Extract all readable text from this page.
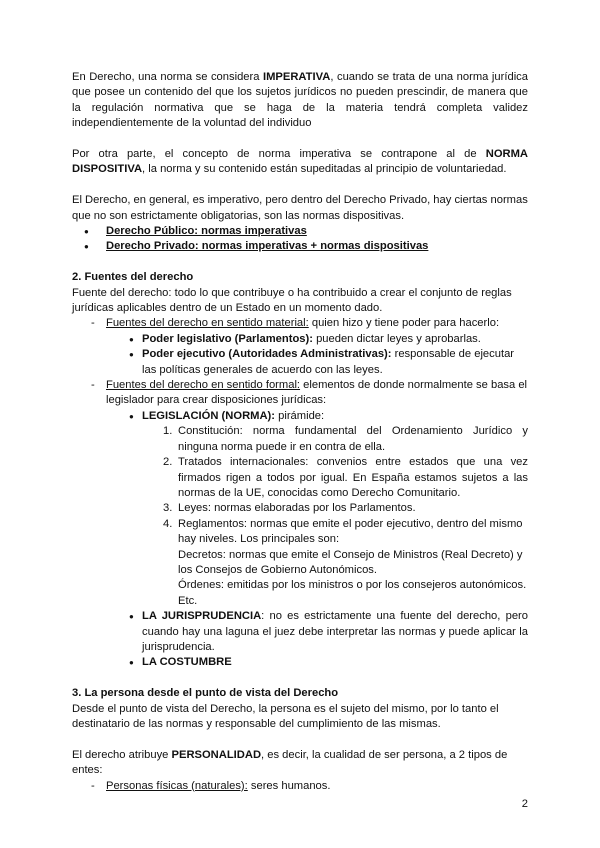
En Derecho, una norma se considera IMPERATIVA, cuando se trata de una norma jurídica que posee un contenido del que los sujetos jurídicos no pueden prescindir, de manera que la regulación normativa que se haga de la materia tendrá completa validez independientemente de la voluntad del individuo

Por otra parte, el concepto de norma imperativa se contrapone al de NORMA DISPOSITIVA, la norma y su contenido están supeditadas al principio de voluntariedad.

El Derecho, en general, es imperativo, pero dentro del Derecho Privado, hay ciertas normas que no son estrictamente obligatorias, son las normas dispositivas.

● Derecho Público: normas imperativas
● Derecho Privado: normas imperativas + normas dispositivas

2. Fuentes del derecho

Fuente del derecho: todo lo que contribuye o ha contribuido a crear el conjunto de reglas jurídicas aplicables dentro de un Estado en un momento dado.

- Fuentes del derecho en sentido material: quien hizo y tiene poder para hacerlo:
● Poder legislativo (Parlamentos): pueden dictar leyes y aprobarlas.
● Poder ejecutivo (Autoridades Administrativas): responsable de ejecutar las políticas generales de acuerdo con las leyes.
- Fuentes del derecho en sentido formal: elementos de donde normalmente se basa el legislador para crear disposiciones jurídicas:
● LEGISLACIÓN (NORMA): pirámide:
1. Constitución: norma fundamental del Ordenamiento Jurídico y ninguna norma puede ir en contra de ella.
2. Tratados internacionales: convenios entre estados que una vez firmados rigen a todos por igual. En España estamos sujetos a las normas de la UE, conocidas como Derecho Comunitario.
3. Leyes: normas elaboradas por los Parlamentos.
4. Reglamentos: normas que emite el poder ejecutivo, dentro del mismo hay niveles. Los principales son:
Decretos: normas que emite el Consejo de Ministros (Real Decreto) y los Consejos de Gobierno Autonómicos.
Órdenes: emitidas por los ministros o por los consejeros autonómicos.
Etc.
● LA JURISPRUDENCIA: no es estrictamente una fuente del derecho, pero cuando hay una laguna el juez debe interpretar las normas y puede aplicar la jurisprudencia.
● LA COSTUMBRE

3. La persona desde el punto de vista del Derecho

Desde el punto de vista del Derecho, la persona es el sujeto del mismo, por lo tanto el destinatario de las normas y responsable del cumplimiento de las mismas.

El derecho atribuye PERSONALIDAD, es decir, la cualidad de ser persona, a 2 tipos de entes:

- Personas físicas (naturales): seres humanos.
2
